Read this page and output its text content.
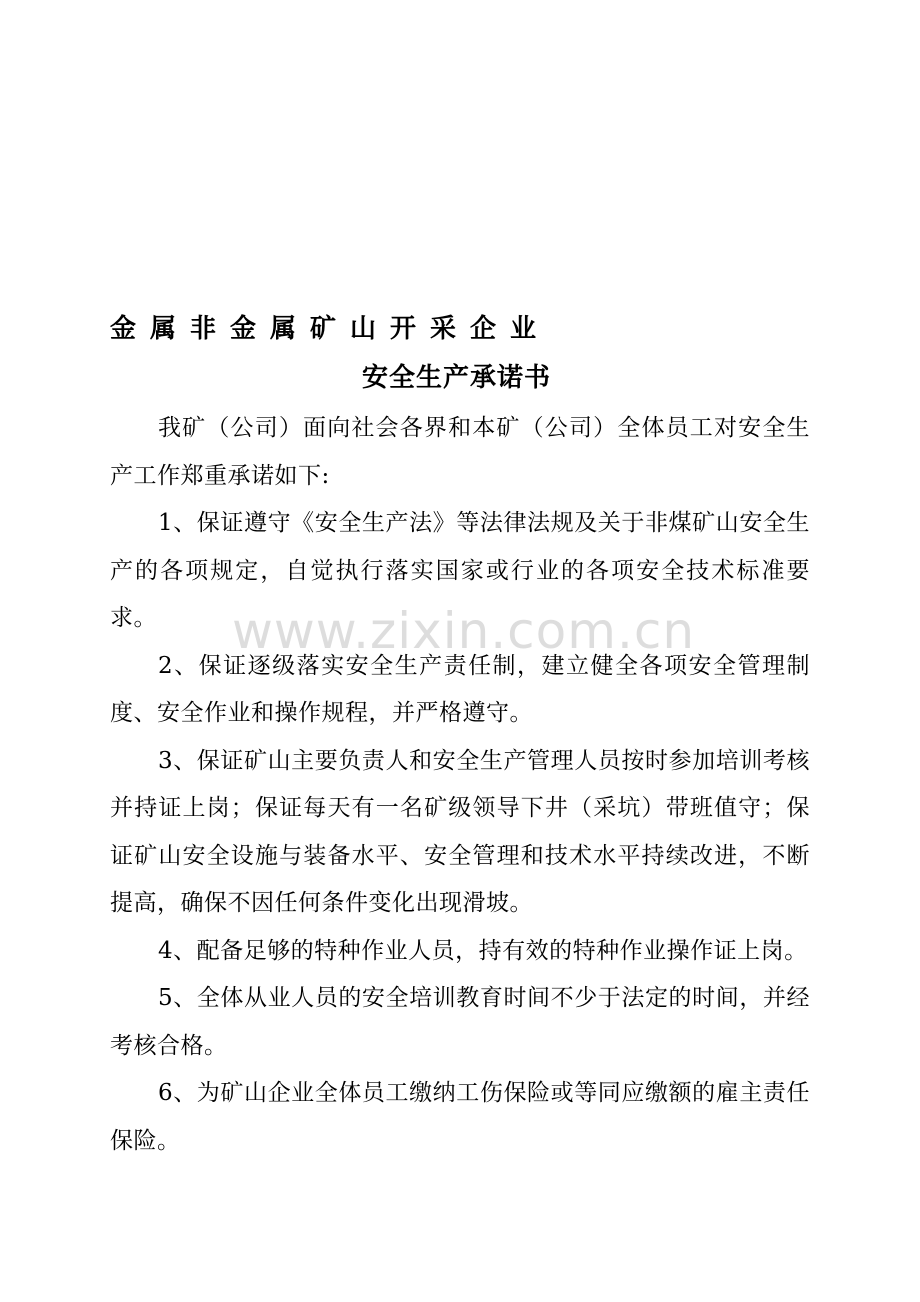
金属非金属矿山开采企业
安全生产承诺书

我矿（公司）面向社会各界和本矿（公司）全体员工对安全生产工作郑重承诺如下:

1、保证遵守《安全生产法》等法律法规及关于非煤矿山安全生产的各项规定，自觉执行落实国家或行业的各项安全技术标准要求。

2、保证逐级落实安全生产责任制，建立健全各项安全管理制度、安全作业和操作规程，并严格遵守。

3、保证矿山主要负责人和安全生产管理人员按时参加培训考核并持证上岗；保证每天有一名矿级领导下井（采坑）带班值守；保证矿山安全设施与装备水平、安全管理和技术水平持续改进，不断提高，确保不因任何条件变化出现滑坡。

4、配备足够的特种作业人员，持有效的特种作业操作证上岗。

5、全体从业人员的安全培训教育时间不少于法定的时间，并经考核合格。

6、为矿山企业全体员工缴纳工伤保险或等同应缴额的雇主责任保险。

www.zixin.com.cn
